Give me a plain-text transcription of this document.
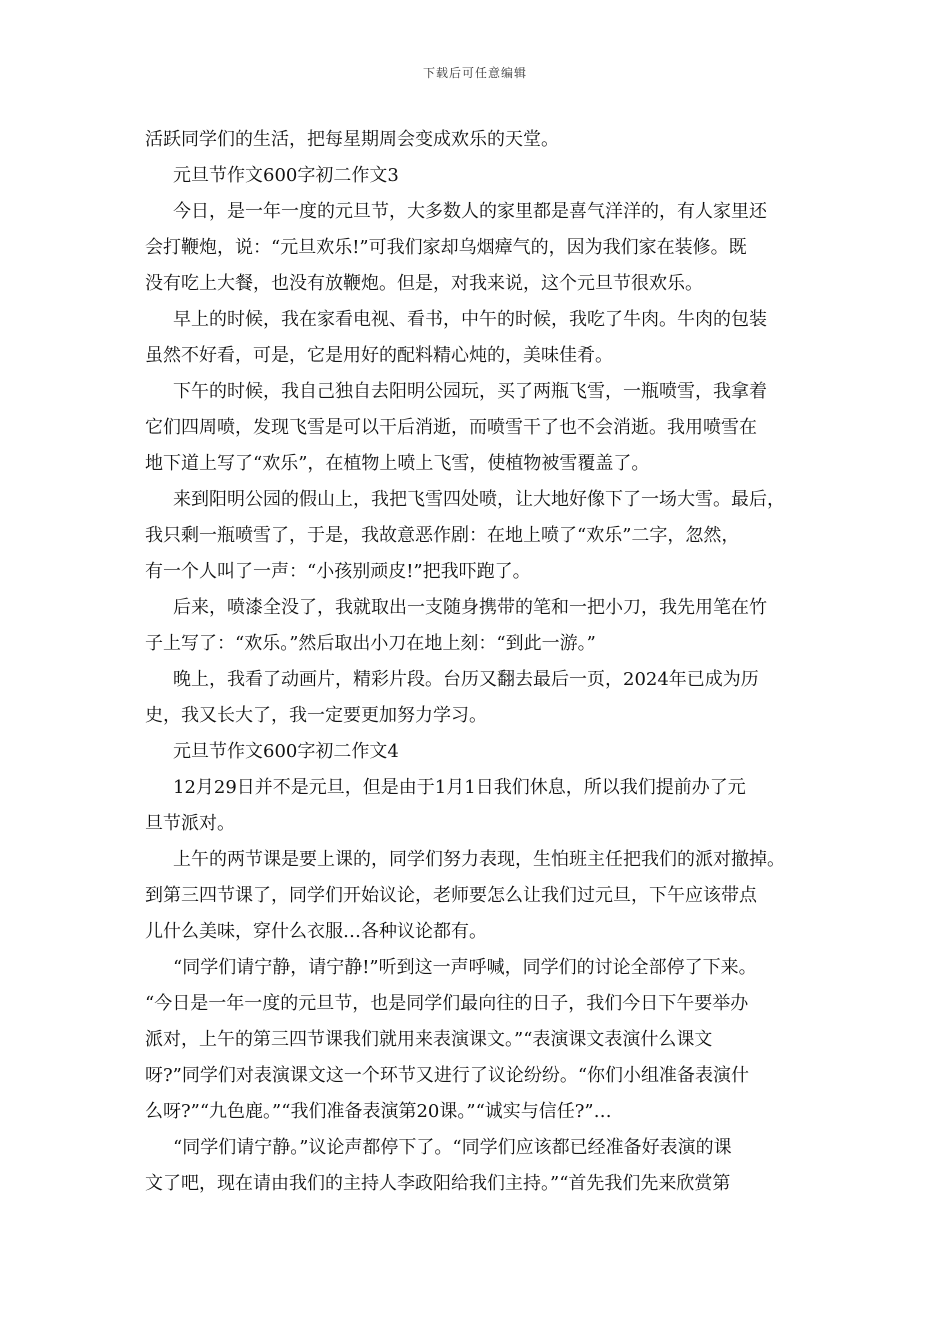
下载后可任意编辑
活跃同学们的生活，把每星期周会变成欢乐的天堂。
元旦节作文600字初二作文3
今日，是一年一度的元旦节，大多数人的家里都是喜气洋洋的，有人家里还
会打鞭炮，说：“元旦欢乐!”可我们家却乌烟瘴气的，因为我们家在装修。既
没有吃上大餐，也没有放鞭炮。但是，对我来说，这个元旦节很欢乐。
早上的时候，我在家看电视、看书，中午的时候，我吃了牛肉。牛肉的包装
虽然不好看，可是，它是用好的配料精心炖的，美味佳肴。
下午的时候，我自己独自去阳明公园玩，买了两瓶飞雪，一瓶喷雪，我拿着
它们四周喷，发现飞雪是可以干后消逝，而喷雪干了也不会消逝。我用喷雪在
地下道上写了“欢乐”，在植物上喷上飞雪，使植物被雪覆盖了。
来到阳明公园的假山上，我把飞雪四处喷，让大地好像下了一场大雪。最后，
我只剩一瓶喷雪了，于是，我故意恶作剧：在地上喷了“欢乐”二字，忽然，
有一个人叫了一声：“小孩别顽皮!”把我吓跑了。
后来，喷漆全没了，我就取出一支随身携带的笔和一把小刀，我先用笔在竹
子上写了：“欢乐。”然后取出小刀在地上刻：“到此一游。”
晚上，我看了动画片，精彩片段。台历又翻去最后一页，2024年已成为历
史，我又长大了，我一定要更加努力学习。
元旦节作文600字初二作文4
12月29日并不是元旦，但是由于1月1日我们休息，所以我们提前办了元
旦节派对。
上午的两节课是要上课的，同学们努力表现，生怕班主任把我们的派对撤掉。
到第三四节课了，同学们开始议论，老师要怎么让我们过元旦，下午应该带点
儿什么美味，穿什么衣服…各种议论都有。
“同学们请宁静，请宁静!”听到这一声呼喊，同学们的讨论全部停了下来。
“今日是一年一度的元旦节，也是同学们最向往的日子，我们今日下午要举办
派对，上午的第三四节课我们就用来表演课文。”“表演课文表演什么课文
呀?”同学们对表演课文这一个环节又进行了议论纷纷。“你们小组准备表演什
么呀?”“九色鹿。”“我们准备表演第20课。”“诚实与信任?”…
“同学们请宁静。”议论声都停下了。“同学们应该都已经准备好表演的课
文了吧，现在请由我们的主持人李政阳给我们主持。”“首先我们先来欣赏第
